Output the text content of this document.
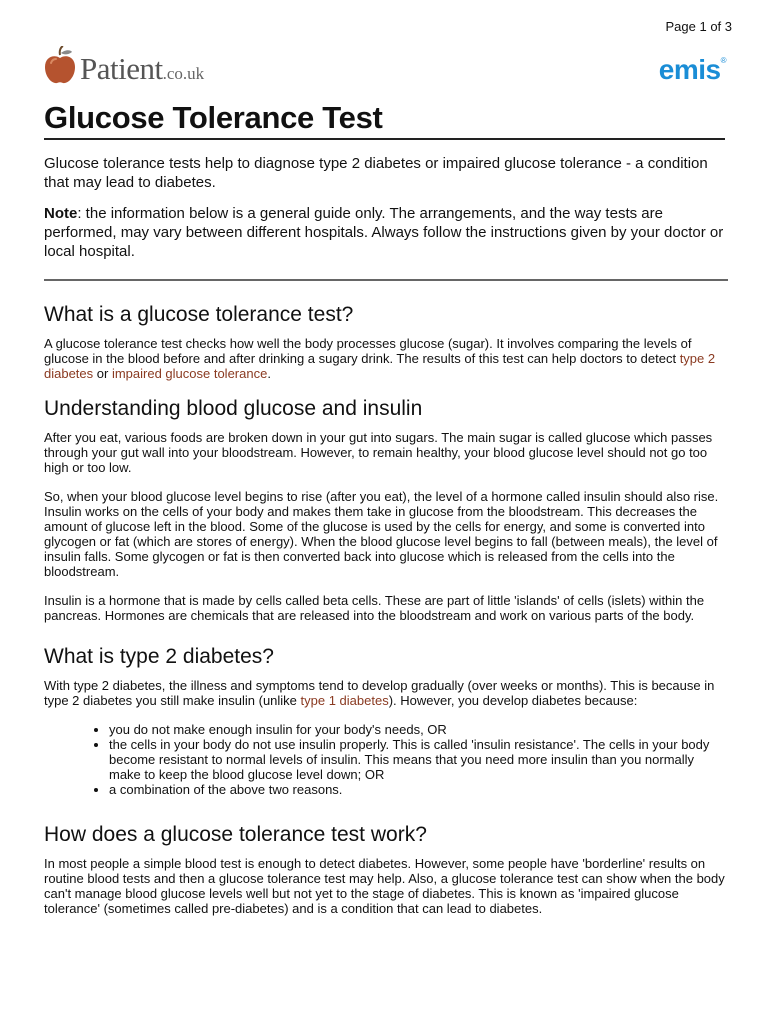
Page 1 of 3
Patient .co.uk	emis®
Glucose Tolerance Test

Glucose tolerance tests help to diagnose type 2 diabetes or impaired glucose tolerance - a condition that may lead to diabetes.

Note: the information below is a general guide only. The arrangements, and the way tests are performed, may vary between different hospitals. Always follow the instructions given by your doctor or local hospital.

What is a glucose tolerance test?

A glucose tolerance test checks how well the body processes glucose (sugar). It involves comparing the levels of glucose in the blood before and after drinking a sugary drink. The results of this test can help doctors to detect type 2 diabetes or impaired glucose tolerance.

Understanding blood glucose and insulin

After you eat, various foods are broken down in your gut into sugars. The main sugar is called glucose which passes through your gut wall into your bloodstream. However, to remain healthy, your blood glucose level should not go too high or too low.

So, when your blood glucose level begins to rise (after you eat), the level of a hormone called insulin should also rise. Insulin works on the cells of your body and makes them take in glucose from the bloodstream. This decreases the amount of glucose left in the blood. Some of the glucose is used by the cells for energy, and some is converted into glycogen or fat (which are stores of energy). When the blood glucose level begins to fall (between meals), the level of insulin falls. Some glycogen or fat is then converted back into glucose which is released from the cells into the bloodstream.

Insulin is a hormone that is made by cells called beta cells. These are part of little 'islands' of cells (islets) within the pancreas. Hormones are chemicals that are released into the bloodstream and work on various parts of the body.

What is type 2 diabetes?

With type 2 diabetes, the illness and symptoms tend to develop gradually (over weeks or months). This is because in type 2 diabetes you still make insulin (unlike type 1 diabetes). However, you develop diabetes because:

• you do not make enough insulin for your body's needs, OR
• the cells in your body do not use insulin properly. This is called 'insulin resistance'. The cells in your body become resistant to normal levels of insulin. This means that you need more insulin than you normally make to keep the blood glucose level down; OR
• a combination of the above two reasons.
How does a glucose tolerance test work?

In most people a simple blood test is enough to detect diabetes. However, some people have 'borderline' results on routine blood tests and then a glucose tolerance test may help. Also, a glucose tolerance test can show when the body can't manage blood glucose levels well but not yet to the stage of diabetes. This is known as 'impaired glucose tolerance' (sometimes called pre-diabetes) and is a condition that can lead to diabetes.
